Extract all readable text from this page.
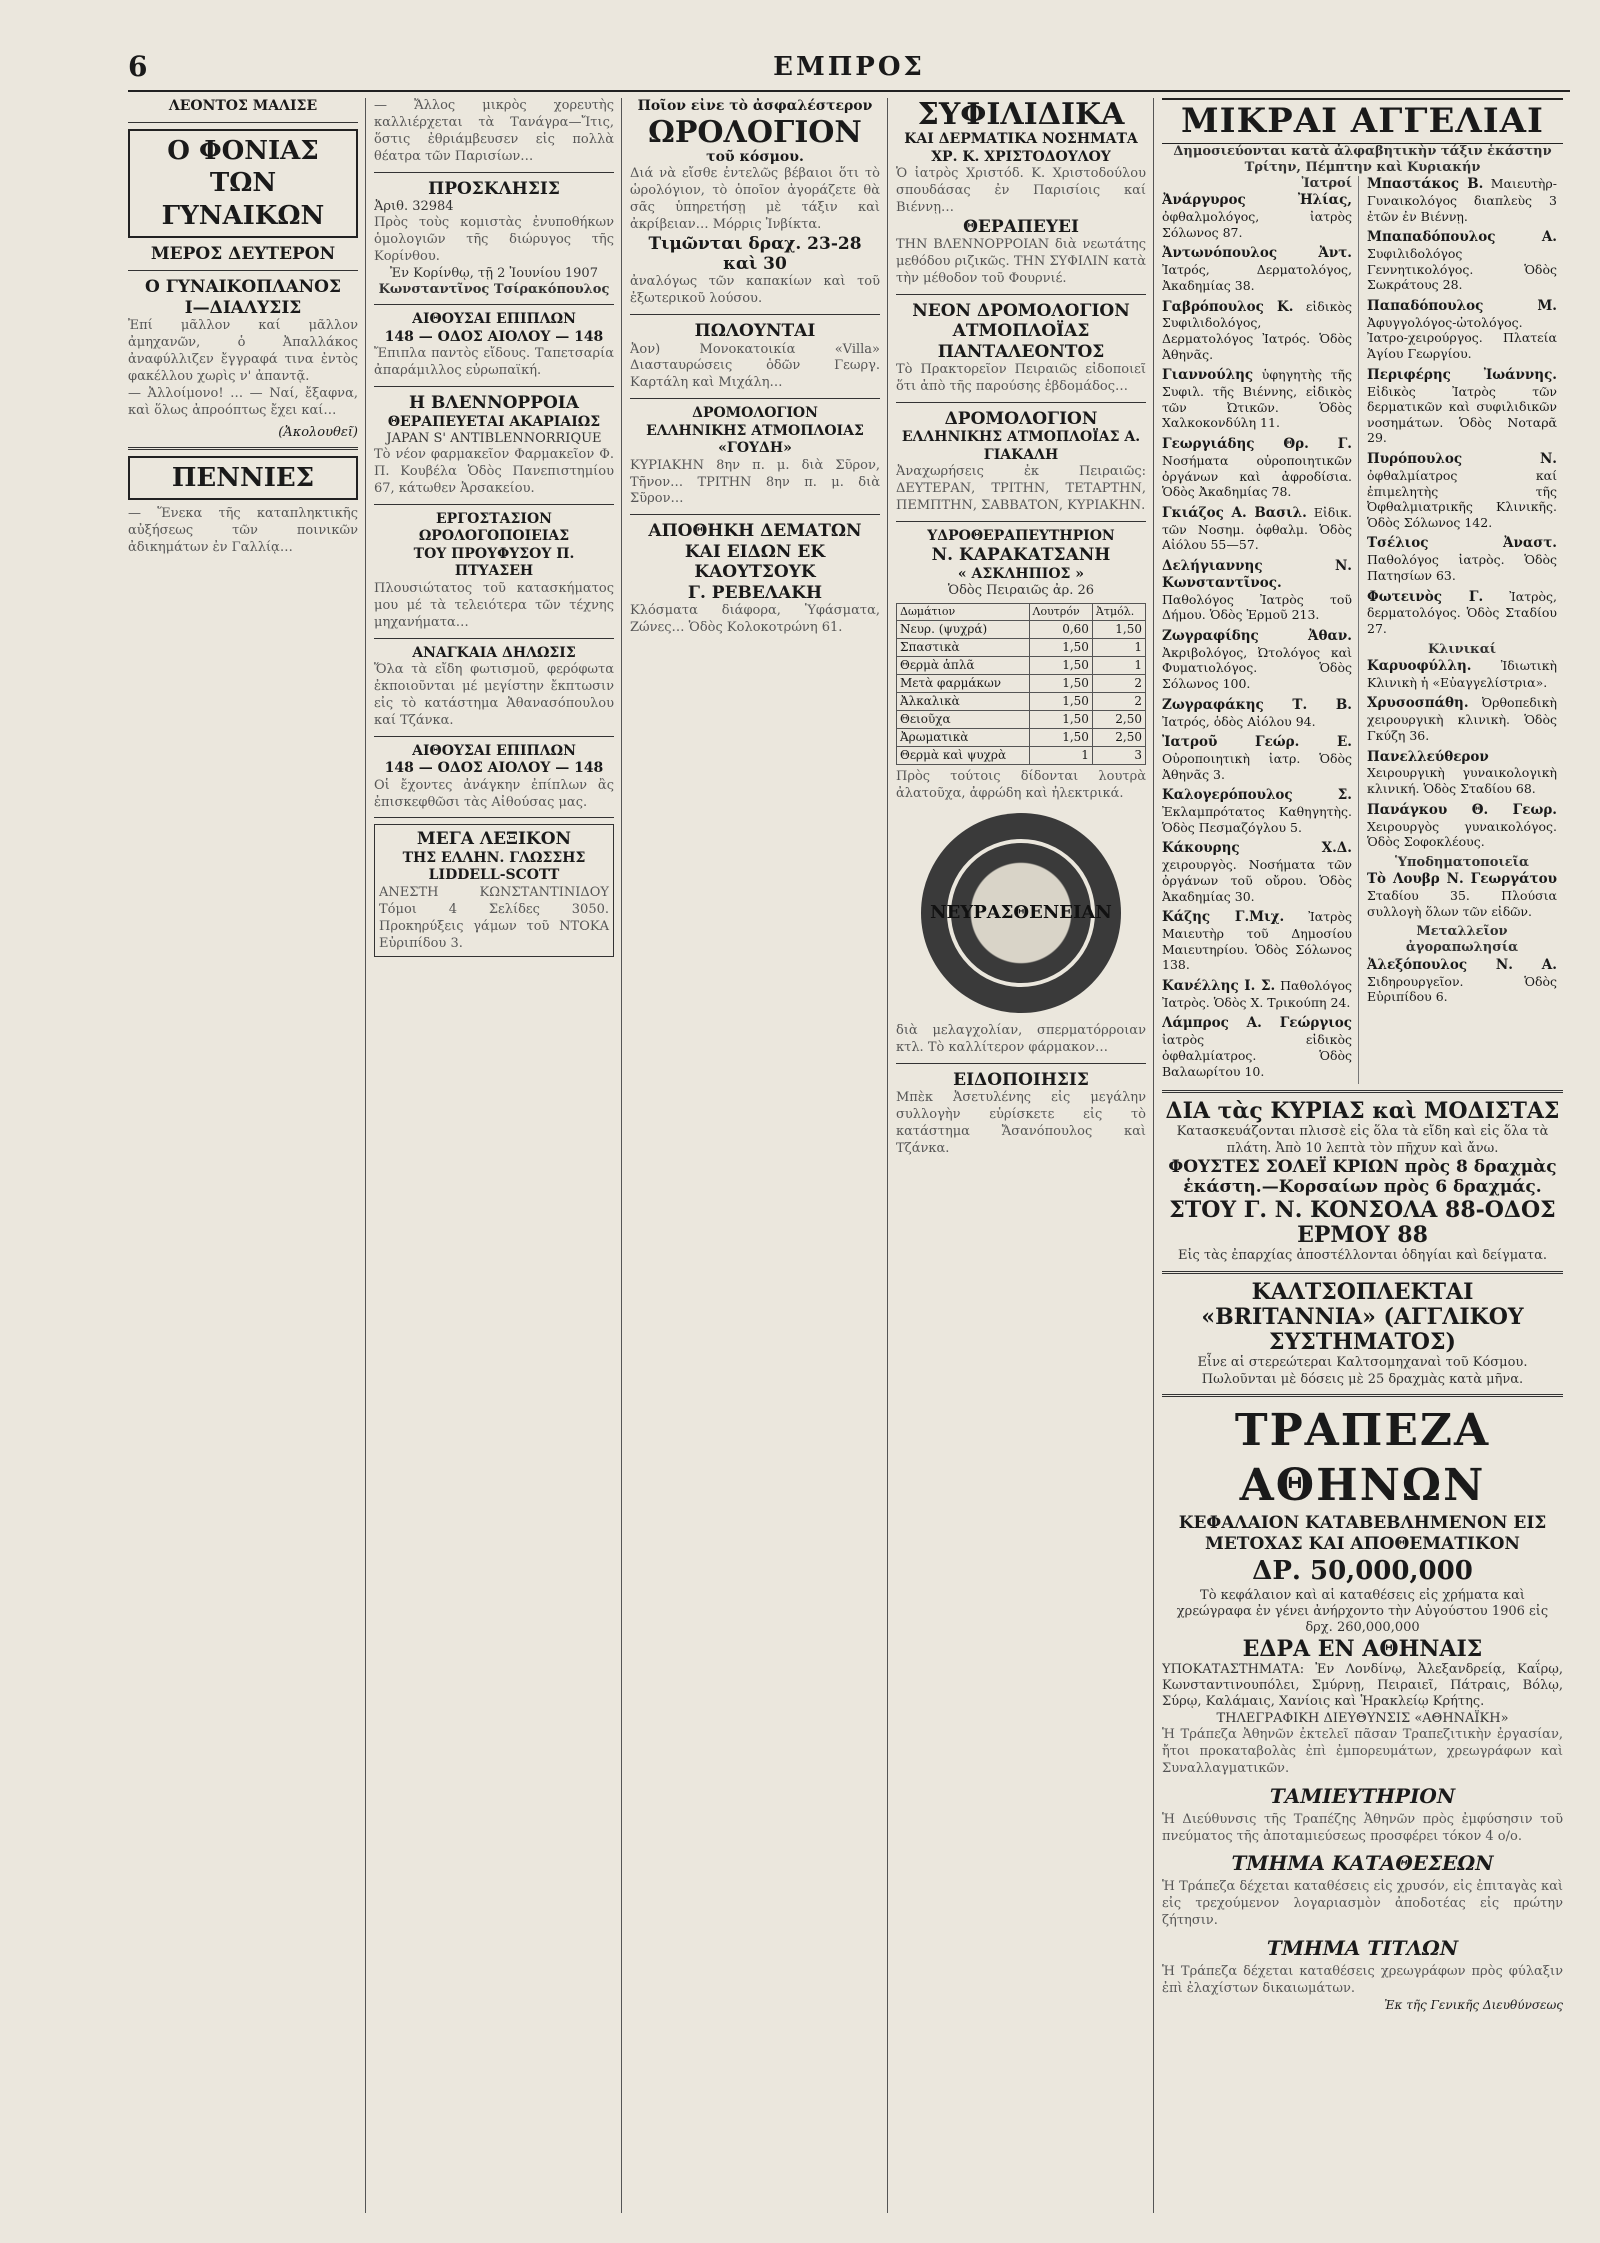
6	ΕΜΠΡΟΣ
ΛΕΟΝΤΟΣ ΜΑΛΙΣΕ
Ο ΦΟΝΙΑΣ ΤΩΝ ΓΥΝΑΙΚΩΝ
ΜΕΡΟΣ ΔΕΥΤΕΡΟΝ
Ο ΓΥΝΑΙΚΟΠΛΑΝΟΣ
Ι—ΔΙΑΛΥΣΙΣ
Ἐπί μᾶλλον καί μᾶλλον ἀμηχανῶν, ὁ Ἀπαλλάκος ἀναφύλλιζεν ἔγγραφά τινα ἐντὸς φακέλλου χωρὶς ν' ἀπαντᾷ.

— Ἀλλοίμονο! … — Ναί, ἔξαφνα, καὶ ὅλως ἀπροόπτως ἔχει καί…

(Ἀκολουθεῖ)
ΠΕΝΝΙΕΣ
— Ἕνεκα τῆς καταπληκτικῆς αὐξήσεως τῶν ποινικῶν ἀδικημάτων ἐν Γαλλίᾳ…

— Ἄλλος μικρὸς χορευτὴς καλλιέρχεται τὰ Τανάγρα—Ἴτις, ὅστις ἐθριάμβευσεν εἰς πολλὰ θέατρα τῶν Παρισίων…

ΠΡΟΣΚΛΗΣΙΣ
Ἀριθ. 32984
Πρὸς τοὺς κομιστὰς ἐνυποθήκων ὁμολογιῶν τῆς διώρυγος τῆς Κορίνθου.
Ἐν Κορίνθῳ, τῇ 2 Ἰουνίου 1907
Κωνσταντῖνος Τσίρακόπουλος
ΑΙΘΟΥΣΑΙ ΕΠΙΠΛΩΝ
148 — ΟΔΟΣ ΑΙΟΛΟΥ — 148
Ἔπιπλα παντὸς εἴδους. Ταπετσαρία ἀπαράμιλλος εὐρωπαϊκή.
Η ΒΛΕΝΝΟΡΡΟΙΑ
ΘΕΡΑΠΕΥΕΤΑΙ ΑΚΑΡΙΑΙΩΣ
JAPAN S' ANTIBLENNORRIQUE
Τὸ νέον φαρμακεῖον Φαρμακεῖον Φ. Π. Κουβέλα Ὁδὸς Πανεπιστημίου 67, κάτωθεν Ἀρσακείου.
ΕΡΓΟΣΤΑΣΙΟΝ ΩΡΟΛΟΓΟΠΟΙΕΙΑΣ
ΤΟΥ ΠΡΟΥΦΥΣΟΥ Π. ΠΤΥΑΣΕΗ
Πλουσιώτατος τοῦ κατασκήματος μου μέ τὰ τελειότερα τῶν τέχνης μηχανήματα…
ΑΝΑΓΚΑΙΑ ΔΗΛΩΣΙΣ
Ὅλα τὰ εἴδη φωτισμοῦ, φερόφωτα ἐκποιοῦνται μέ μεγίστην ἔκπτωσιν εἰς τὸ κατάστημα Ἀθανασόπουλου καί Τζάνκα.
ΑΙΘΟΥΣΑΙ ΕΠΙΠΛΩΝ
148 — ΟΔΟΣ ΑΙΟΛΟΥ — 148
Οἱ ἔχοντες ἀνάγκην ἐπίπλων ἂς ἐπισκεφθῶσι τὰς Αἰθούσας μας.
ΜΕΓΑ ΛΕΞΙΚΟΝ
ΤΗΣ ΕΛΛΗΝ. ΓΛΩΣΣΗΣ LIDDELL-SCOTT
ΑΝΕΣΤΗ ΚΩΝΣΤΑΝΤΙΝΙΔΟΥ Τόμοι 4 Σελίδες 3050. Προκηρύξεις γάμων τοῦ ΝΤΟΚΑ Εὐριπίδου 3.
Ποῖον εἶνε τὸ ἀσφαλέστερον
ΩΡΟΛΟΓΙΟΝ
τοῦ κόσμου.
Διά νὰ εἴσθε ἐντελῶς βέβαιοι ὅτι τὸ ὡρολόγιον, τὸ ὁποῖον ἀγοράζετε θὰ σᾶς ὑπηρετήσῃ μὲ τάξιν καὶ ἀκρίβειαν… Μόρρις Ἰνβίκτα.
Τιμῶνται δραχ. 23-28 καὶ 30
ἀναλόγως τῶν καπακίων καὶ τοῦ ἐξωτερικοῦ λούσου.
ΠΩΛΟΥΝΤΑΙ
Ἀον) Μονοκατοικία «Villa» Διασταυρώσεις ὁδῶν Γεωργ. Καρτάλη καὶ Μιχάλη…
ΔΡΟΜΟΛΟΓΙΟΝ
ΕΛΛΗΝΙΚΗΣ ΑΤΜΟΠΛΟΙΑΣ «ΓΟΥΔΗ»
ΚΥΡΙΑΚΗΝ 8ην π. μ. διὰ Σῦρον, Τῆνον… ΤΡΙΤΗΝ 8ην π. μ. διὰ Σῦρον…
ΑΠΟΘΗΚΗ ΔΕΜΑΤΩΝ ΚΑΙ ΕΙΔΩΝ ΕΚ ΚΑΟΥΤΣΟΥΚ
Γ. ΡΕΒΕΛΑΚΗ
Κλόσματα διάφορα, Ὑφάσματα, Ζώνες… Ὁδὸς Κολοκοτρώνη 61.
ΣΥΦΙΛΙΔΙΚΑ
ΚΑΙ ΔΕΡΜΑΤΙΚΑ ΝΟΣΗΜΑΤΑ
ΧΡ. Κ. ΧΡΙΣΤΟΔΟΥΛΟΥ
Ὁ ἰατρὸς Χριστόδ. Κ. Χριστοδούλου σπουδάσας ἐν Παρισίοις καί Βιέννῃ…
ΘΕΡΑΠΕΥΕΙ
ΤΗΝ ΒΛΕΝΝΟΡΡΟΙΑΝ διὰ νεωτάτης μεθόδου ριζικῶς. ΤΗΝ ΣΥΦΙΛΙΝ κατὰ τὴν μέθοδον τοῦ Φουρνιέ.
ΝΕΟΝ ΔΡΟΜΟΛΟΓΙΟΝ ΑΤΜΟΠΛΟΪΑΣ ΠΑΝΤΑΛΕΟΝΤΟΣ
Τὸ Πρακτορεῖον Πειραιῶς εἰδοποιεῖ ὅτι ἀπὸ τῆς παρούσης ἑβδομάδος…
ΔΡΟΜΟΛΟΓΙΟΝ
ΕΛΛΗΝΙΚΗΣ ΑΤΜΟΠΛΟΪΑΣ Α. ΓΙΑΚΑΛΗ
Ἀναχωρήσεις ἐκ Πειραιῶς: ΔΕΥΤΕΡΑΝ, ΤΡΙΤΗΝ, ΤΕΤΑΡΤΗΝ, ΠΕΜΠΤΗΝ, ΣΑΒΒΑΤΟΝ, ΚΥΡΙΑΚΗΝ.
ΥΔΡΟΘΕΡΑΠΕΥΤΗΡΙΟΝ
Ν. ΚΑΡΑΚΑΤΣΑΝΗ
« ΑΣΚΛΗΠΙΟΣ »
Ὁδὸς Πειραιῶς ἀρ. 26
Δωμάτιον	Λουτρόν	Ἀτμόλ.
Νευρ. (ψυχρά)	0,60	1,50
Σπαστικὰ	1,50	1
Θερμὰ ἁπλᾶ	1,50	1
Μετὰ φαρμάκων	1,50	2
Ἀλκαλικὰ	1,50	2
Θειοῦχα	1,50	2,50
Ἀρωματικὰ	1,50	2,50
Θερμὰ καὶ ψυχρὰ	1	3
Πρὸς τούτοις δίδονται λουτρὰ ἀλατοῦχα, ἀφρώδη καὶ ἠλεκτρικά.
ΝΕΥΡΑΣΘΕΝΕΙΑΝ
διὰ μελαγχολίαν, σπερματόρροιαν κτλ. Τὸ καλλίτερον φάρμακον…
ΕΙΔΟΠΟΙΗΣΙΣ
Μπὲκ Ἀσετυλένης εἰς μεγάλην συλλογὴν εὑρίσκετε εἰς τὸ κατάστημα Ἄσανόπουλος καὶ Τζάνκα.
ΜΙΚΡΑΙ ΑΓΓΕΛΙΑΙ
Δημοσιεύονται κατὰ ἀλφαβητικὴν τάξιν ἑκάστην Τρίτην, Πέμπτην καὶ Κυριακήν
Ἰατροί
Ἀνάργυρος Ἠλίας, ὀφθαλμολόγος, ἰατρὸς Σόλωνος 87.
Ἀντωνόπουλος Ἀντ. Ἰατρός, Δερματολόγος, Ἀκαδημίας 38.
Γαβρόπουλος Κ. εἰδικὸς Συφιλιδολόγος, Δερματολόγος Ἰατρός. Ὁδὸς Ἀθηνᾶς.
Γιαννούλης ὑφηγητὴς τῆς Συφιλ. τῆς Βιέννης, εἰδικὸς τῶν Ὠτικῶν. Ὁδὸς Χαλκοκονδύλη 11.
Γεωργιάδης Θρ. Γ. Νοσήματα οὐροποιητικῶν ὀργάνων καὶ ἀφροδίσια. Ὁδὸς Ἀκαδημίας 78.
Γκιάζος Α. Βασιλ. Εἰδικ. τῶν Νοσημ. ὀφθαλμ. Ὁδὸς Αἰόλου 55—57.
Δελήγιαννης Ν. Κωνσταντῖνος. Παθολόγος Ἰατρὸς τοῦ Δήμου. Ὁδὸς Ἑρμοῦ 213.
Ζωγραφίδης Ἀθαν. Ἀκριβολόγος, Ὠτολόγος καὶ Φυματιολόγος. Ὁδὸς Σόλωνος 100.
Ζωγραφάκης Τ. Β. Ἰατρός, ὁδὸς Αἰόλου 94.
Ἰατροῦ Γεώρ. Ε. Οὐροποιητικὴ ἰατρ. Ὁδὸς Ἀθηνᾶς 3.
Καλογερόπουλος Σ. Ἐκλαμπρότατος Καθηγητὴς. Ὁδὸς Πεσμαζόγλου 5.
Κάκουρης Χ.Δ. χειρουργὸς. Νοσήματα τῶν ὀργάνων τοῦ οὔρου. Ὁδὸς Ἀκαδημίας 30.
Κάζης Γ.Μιχ. Ἰατρὸς Μαιευτὴρ τοῦ Δημοσίου Μαιευτηρίου. Ὁδὸς Σόλωνος 138.
Κανέλλης Ι. Σ. Παθολόγος Ἰατρὸς. Ὁδὸς Χ. Τρικούπη 24.
Λάμπρος Α. Γεώργιος ἰατρὸς εἰδικὸς ὀφθαλμίατρος. Ὁδὸς Βαλαωρίτου 10.
Μπαστάκος Β. Μαιευτὴρ-Γυναικολόγος διαπλεὺς 3 ἐτῶν ἐν Βιέννῃ.
Μπαπαδόπουλος Α. Συφιλιδολόγος Γεννητικολόγος. Ὁδὸς Σωκράτους 28.
Παπαδόπουλος Μ. Ἀφυγγολόγος-ὠτολόγος. Ἰατρο-χειρούργος. Πλατεία Ἁγίου Γεωργίου.
Περιφέρης Ἰωάννης. Εἰδικὸς Ἰατρὸς τῶν δερματικῶν καὶ συφιλιδικῶν νοσημάτων. Ὁδὸς Νοταρᾶ 29.
Πυρόπουλος Ν. ὀφθαλμίατρος καί ἐπιμελητὴς τῆς Ὀφθαλμιατρικῆς Κλινικῆς. Ὁδὸς Σόλωνος 142.
Τσέλιος Ἀναστ. Παθολόγος ἰατρὸς. Ὁδὸς Πατησίων 63.
Φωτεινὸς Γ. Ἰατρὸς, δερματολόγος. Ὁδὸς Σταδίου 27.
Κλινικαί
Καρυοφύλλη. Ἰδιωτικὴ Κλινικὴ ἡ «Εὐαγγελίστρια».
Χρυσοσπάθη. Ὀρθοπεδικὴ χειρουργικὴ κλινικὴ. Ὁδὸς Γκύζη 36.
Πανελλεύθερον Χειρουργικὴ γυναικολογικὴ κλινική. Ὁδὸς Σταδίου 68.
Πανάγκου Θ. Γεωρ. Χειρουργὸς γυναικολόγος. Ὁδὸς Σοφοκλέους.
Ὑποδηματοποιεῖα
Τὸ Λουβρ Ν. Γεωργάτου Σταδίου 35. Πλούσια συλλογὴ ὅλων τῶν εἰδῶν.
Μεταλλεῖον ἀγοραπωλησία
Ἀλεξόπουλος Ν. Α. Σιδηρουργεῖον. Ὁδὸς Εὐριπίδου 6.
ΔΙΑ τὰς ΚΥΡΙΑΣ καὶ ΜΟΔΙΣΤΑΣ
Κατασκευάζονται πλισσὲ εἰς ὅλα τὰ εἴδη καὶ εἰς ὅλα τὰ πλάτη. Ἀπὸ 10 λεπτὰ τὸν πῆχυν καὶ ἄνω.
ΦΟΥΣΤΕΣ ΣΟΛΕΪ ΚΡΙΩΝ πρὸς 8 δραχμὰς ἑκάστη.—Κορσαίων πρὸς 6 δραχμάς.
ΣΤΟΥ Γ. Ν. ΚΟΝΣΟΛΑ 88-ΟΔΟΣ ΕΡΜΟΥ 88
Εἰς τὰς ἐπαρχίας ἀποστέλλονται ὁδηγίαι καὶ δείγματα.
ΚΑΛΤΣΟΠΛΕΚΤΑΙ «BRITANNIA» (ΑΓΓΛΙΚΟΥ ΣΥΣΤΗΜΑΤΟΣ)
Εἶνε αἱ στερεώτεραι Καλτσομηχαναὶ τοῦ Κόσμου. Πωλοῦνται μὲ δόσεις μὲ 25 δραχμὰς κατὰ μῆνα.
ΤΡΑΠΕΖΑ ΑΘΗΝΩΝ
ΚΕΦΑΛΑΙΟΝ ΚΑΤΑΒΕΒΛΗΜΕΝΟΝ ΕΙΣ ΜΕΤΟΧΑΣ ΚΑΙ ΑΠΟΘΕΜΑΤΙΚΟΝ
ΔΡ. 50,000,000
Τὸ κεφάλαιον καὶ αἱ καταθέσεις εἰς χρήματα καὶ χρεώγραφα ἐν γένει ἀνήρχοντο τὴν Αὐγούστου 1906 εἰς δρχ. 260,000,000
ΕΔΡΑ ΕΝ ΑΘΗΝΑΙΣ
ΥΠΟΚΑΤΑΣΤΗΜΑΤΑ: Ἐν Λονδίνῳ, Ἀλεξανδρείᾳ, Καΐρῳ, Κωνσταντινουπόλει, Σμύρνῃ, Πειραιεῖ, Πάτραις, Βόλῳ, Σύρῳ, Καλάμαις, Χανίοις καὶ Ἡρακλείῳ Κρήτης.
ΤΗΛΕΓΡΑΦΙΚΗ ΔΙΕΥΘΥΝΣΙΣ «ΑΘΗΝΑΪΚΗ»
Ἡ Τράπεζα Ἀθηνῶν ἐκτελεῖ πᾶσαν Τραπεζιτικὴν ἐργασίαν, ἤτοι προκαταβολὰς ἐπὶ ἐμπορευμάτων, χρεωγράφων καὶ Συναλλαγματικῶν.
ΤΑΜΙΕΥΤΗΡΙΟΝ
Ἡ Διεύθυνσις τῆς Τραπέζης Ἀθηνῶν πρὸς ἐμφύσησιν τοῦ πνεύματος τῆς ἀποταμιεύσεως προσφέρει τόκον 4 ο/ο.
ΤΜΗΜΑ ΚΑΤΑΘΕΣΕΩΝ
Ἡ Τράπεζα δέχεται καταθέσεις εἰς χρυσόν, εἰς ἐπιταγὰς καὶ εἰς τρεχούμενον λογαριασμὸν ἀποδοτέας εἰς πρώτην ζήτησιν.
ΤΜΗΜΑ ΤΙΤΛΩΝ
Ἡ Τράπεζα δέχεται καταθέσεις χρεωγράφων πρὸς φύλαξιν ἐπὶ ἐλαχίστων δικαιωμάτων.
Ἐκ τῆς Γενικῆς Διευθύνσεως
